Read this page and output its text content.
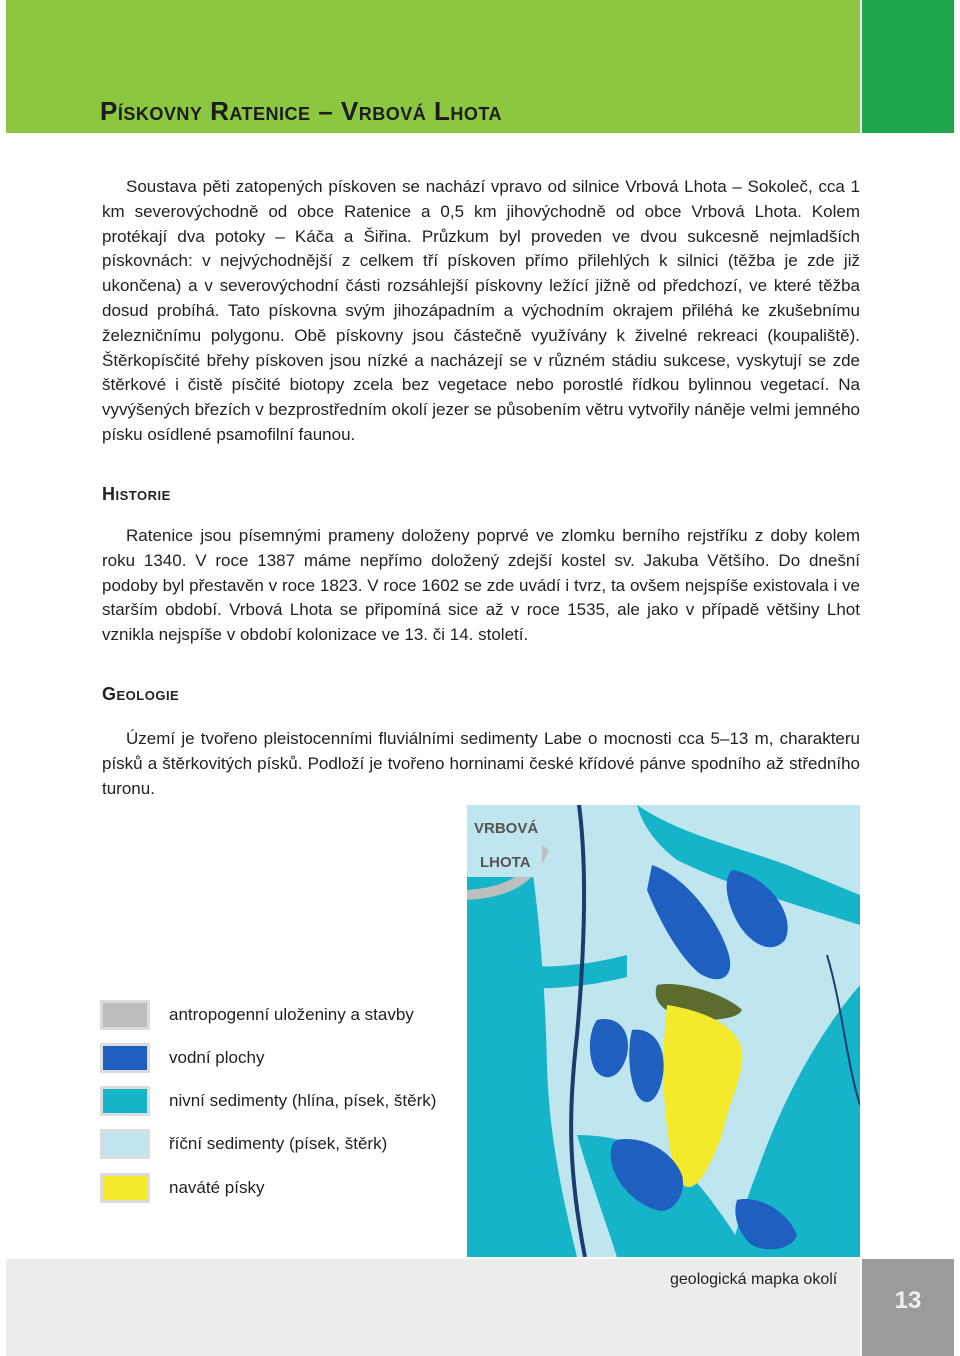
Pískovny Ratenice – Vrbová Lhota

Soustava pěti zatopených pískoven se nachází vpravo od silnice Vrbová Lhota – Sokoleč, cca 1 km severovýchodně od obce Ratenice a 0,5 km jihovýchodně od obce Vrbová Lhota. Kolem protékají dva potoky – Káča a Šiřina. Průzkum byl proveden ve dvou sukcesně nejmladších pískovnách: v nejvýchodnější z celkem tří pískoven přímo přilehlých k silnici (těžba je zde již ukončena) a v severovýchodní části rozsáhlejší pískovny ležící jižně od předchozí, ve které těžba dosud probíhá. Tato pískovna svým jihozápadním a východním okrajem přiléhá ke zkušebnímu železničnímu polygonu. Obě pískovny jsou částečně využívány k živelné rekreaci (koupaliště). Štěrkopísčité břehy pískoven jsou nízké a nacházejí se v různém stádiu sukcese, vyskytují se zde štěrkové i čistě písčité biotopy zcela bez vegetace nebo porostlé řídkou bylinnou vegetací. Na vyvýšených březích v bezprostředním okolí jezer se působením větru vytvořily náněje velmi jemného písku osídlené psamofilní faunou.

Historie

Ratenice jsou písemnými prameny doloženy poprvé ve zlomku berního rejstříku z doby kolem roku 1340. V roce 1387 máme nepřímo doložený zdejší kostel sv. Jakuba Většího. Do dnešní podoby byl přestavěn v roce 1823. V roce 1602 se zde uvádí i tvrz, ta ovšem nejspíše existovala i ve starším období. Vrbová Lhota se připomíná sice až v roce 1535, ale jako v případě většiny Lhot vznikla nejspíše v období kolonizace ve 13. či 14. století.

Geologie

Území je tvořeno pleistocenními fluviálními sedimenty Labe o mocnosti cca 5–13 m, charakteru písků a štěrkovitých písků. Podloží je tvořeno horninami české křídové pánve spodního až středního turonu.

VRBOVÁ
LHOTA
antropogenní uloženiny a stavby
vodní plochy
nivní sedimenty (hlína, písek, štěrk)
říční sedimenty (písek, štěrk)
naváté písky
geologická mapka okolí
13
